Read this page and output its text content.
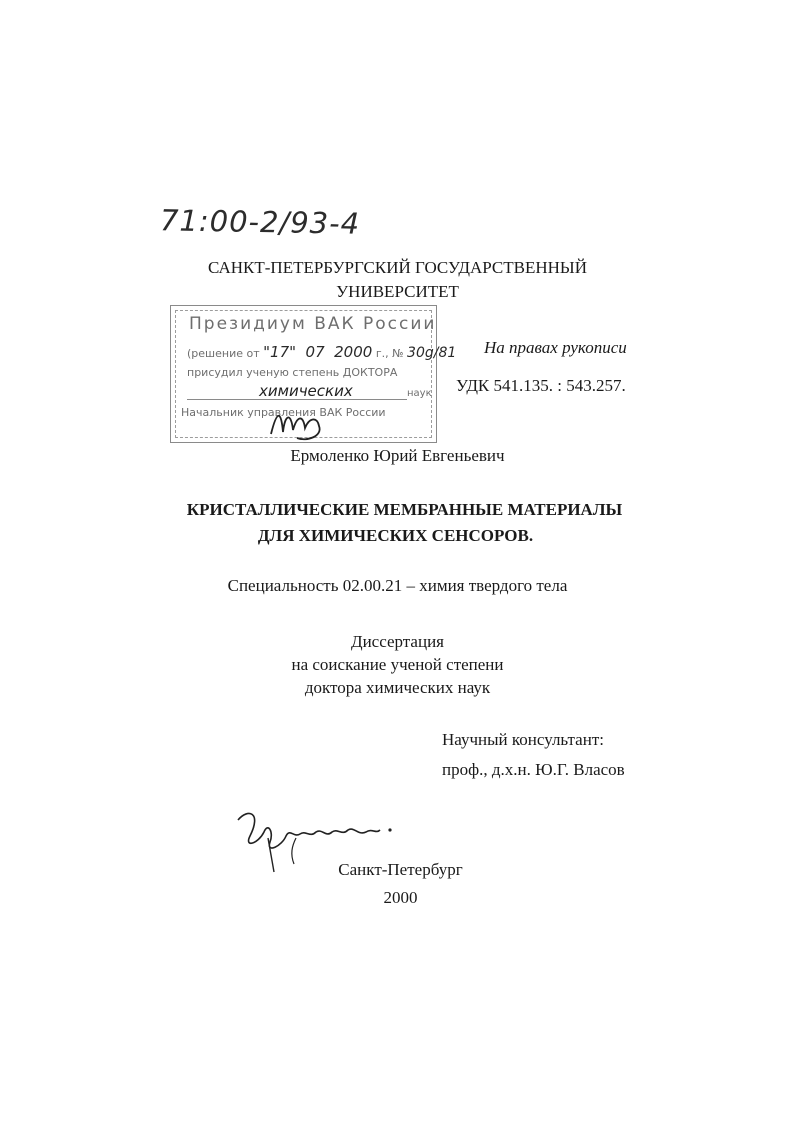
71:00-2/93-4
САНКТ-ПЕТЕРБУРГСКИЙ ГОСУДАРСТВЕННЫЙ
УНИВЕРСИТЕТ
Президиум ВАК России
(решение от "17" 07 2000 г., № 30g/81
присудил ученую степень ДОКТОРА
химических	наук
Начальник управления ВАК России
На правах рукописи
УДК 541.135. : 543.257.
Ермоленко Юрий Евгеньевич
КРИСТАЛЛИЧЕСКИЕ МЕМБРАННЫЕ МАТЕРИАЛЫ
ДЛЯ ХИМИЧЕСКИХ СЕНСОРОВ.
Специальность 02.00.21 – химия твердого тела
Диссертация
на соискание ученой степени
доктора химических наук
Научный консультант:
проф., д.х.н. Ю.Г. Власов
Санкт-Петербург
2000
